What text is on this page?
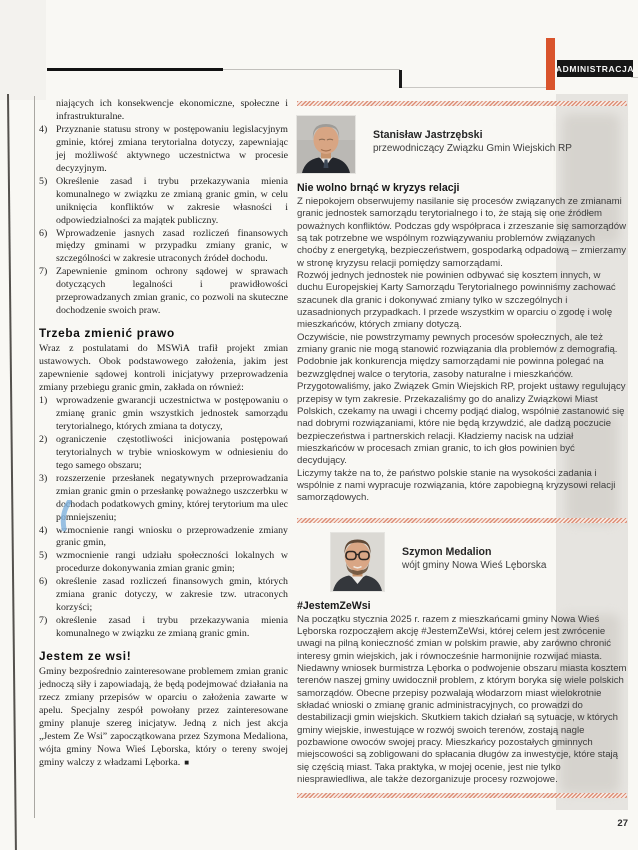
ADMINISTRACJA

niających ich konsekwencje ekonomiczne, społeczne i infrastrukturalne.

4) Przyznanie statusu strony w postępowaniu legislacyjnym gminie, której zmiana terytorialna dotyczy, zapewniając jej możliwość aktywnego uczestnictwa w procesie decyzyjnym.
5) Określenie zasad i trybu przekazywania mienia komunalnego w związku ze zmianą granic gmin, w celu uniknięcia konfliktów w zakresie własności i odpowiedzialności za majątek publiczny.
6) Wprowadzenie jasnych zasad rozliczeń finansowych między gminami w przypadku zmiany granic, w szczególności w zakresie utraconych źródeł dochodu.
7) Zapewnienie gminom ochrony sądowej w sprawach dotyczących legalności i prawidłowości przeprowadzanych zmian granic, co pozwoli na skuteczne dochodzenie swoich praw.
Trzeba zmienić prawo

Wraz z postulatami do MSWiA trafił projekt zmian ustawowych. Obok podstawowego założenia, jakim jest zapewnienie sądowej kontroli inicjatywy przeprowadzenia zmiany przebiegu granic gmin, zakłada on również:

1) wprowadzenie gwarancji uczestnictwa w postępowaniu o zmianę granic gmin wszystkich jednostek samorządu terytorialnego, których zmiana ta dotyczy,
2) ograniczenie częstotliwości inicjowania postępowań terytorialnych w trybie wnioskowym w odniesieniu do tego samego obszaru;
3) rozszerzenie przesłanek negatywnych przeprowadzania zmian granic gmin o przesłankę poważnego uszczerbku w dochodach podatkowych gminy, której terytorium ma ulec pomniejszeniu;
4) wzmocnienie rangi wniosku o przeprowadzenie zmiany granic gmin,
5) wzmocnienie rangi udziału społeczności lokalnych w procedurze dokonywania zmian granic gmin;
6) określenie zasad rozliczeń finansowych gmin, których zmiana granic dotyczy, w zakresie tzw. utraconych korzyści;
7) określenie zasad i trybu przekazywania mienia komunalnego w związku ze zmianą granic gmin.
Jestem ze wsi!

Gminy bezpośrednio zainteresowane problemem zmian granic jednoczą siły i zapowiadają, że będą podejmować działania na rzecz zmiany przepisów w oparciu o założenia zawarte w apelu. Specjalny zespół powołany przez zainteresowane gminy planuje szereg inicjatyw. Jedną z nich jest akcja „Jestem Ze Wsi” zapoczątkowana przez Szymona Medaliona, wójta gminy Nowa Wieś Lęborska, który o tereny swojej gminy walczy z władzami Lęborka. ■

Stanisław Jastrzębski
przewodniczący Związku Gmin Wiejskich RP
Nie wolno brnąć w kryzys relacji

Z niepokojem obserwujemy nasilanie się procesów związanych ze zmianami granic jednostek samorządu terytorialnego i to, że stają się one źródłem poważnych konfliktów. Podczas gdy współpraca i zrzeszanie się samorządów są tak potrzebne we wspólnym rozwiązywaniu problemów związanych choćby z energetyką, bezpieczeństwem, gospodarką odpadową – zmierzamy w stronę kryzysu relacji pomiędzy samorządami.

Rozwój jednych jednostek nie powinien odbywać się kosztem innych, w duchu Europejskiej Karty Samorządu Terytorialnego powinniśmy zachować szacunek dla granic i dokonywać zmiany tylko w szczególnych i uzasadnionych przypadkach. I przede wszystkim w oparciu o zgodę i wolę mieszkańców, których zmiany dotyczą.

Oczywiście, nie powstrzymamy pewnych procesów społecznych, ale też zmiany granic nie mogą stanowić rozwiązania dla problemów z demografią. Podobnie jak konkurencja między samorządami nie powinna polegać na bezwzględnej walce o terytoria, zasoby naturalne i mieszkańców.

Przygotowaliśmy, jako Związek Gmin Wiejskich RP, projekt ustawy regulujący przepisy w tym zakresie. Przekazaliśmy go do analizy Związkowi Miast Polskich, czekamy na uwagi i chcemy podjąć dialog, wspólnie zastanowić się nad dobrymi rozwiązaniami, które nie będą krzywdzić, ale dadzą poczucie bezpieczeństwa i partnerskich relacji. Kładziemy nacisk na udział mieszkańców w procesach zmian granic, to ich głos powinien być decydujący.

Liczymy także na to, że państwo polskie stanie na wysokości zadania i wspólnie z nami wypracuje rozwiązania, które zapobiegną kryzysowi relacji samorządowych.

Szymon Medalion
wójt gminy Nowa Wieś Lęborska
#JestemZeWsi

Na początku stycznia 2025 r. razem z mieszkańcami gminy Nowa Wieś Lęborska rozpocząłem akcję #JestemZeWsi, której celem jest zwrócenie uwagi na pilną konieczność zmian w polskim prawie, aby zarówno chronić interesy gmin wiejskich, jak i równocześnie harmonijnie rozwijać miasta.

Niedawny wniosek burmistrza Lęborka o podwojenie obszaru miasta kosztem terenów naszej gminy uwidocznił problem, z którym boryka się wiele polskich samorządów. Obecne przepisy pozwalają włodarzom miast wielokrotnie składać wnioski o zmianę granic administracyjnych, co prowadzi do destabilizacji gmin wiejskich. Skutkiem takich działań są sytuacje, w których gminy wiejskie, inwestujące w rozwój swoich terenów, zostają nagle pozbawione owoców swojej pracy. Mieszkańcy pozostałych gminnych miejscowości są zobligowani do spłacania długów za inwestycje, które stają się częścią miast. Taka praktyka, w mojej ocenie, jest nie tylko niesprawiedliwa, ale także dezorganizuje procesy rozwojowe.

27
